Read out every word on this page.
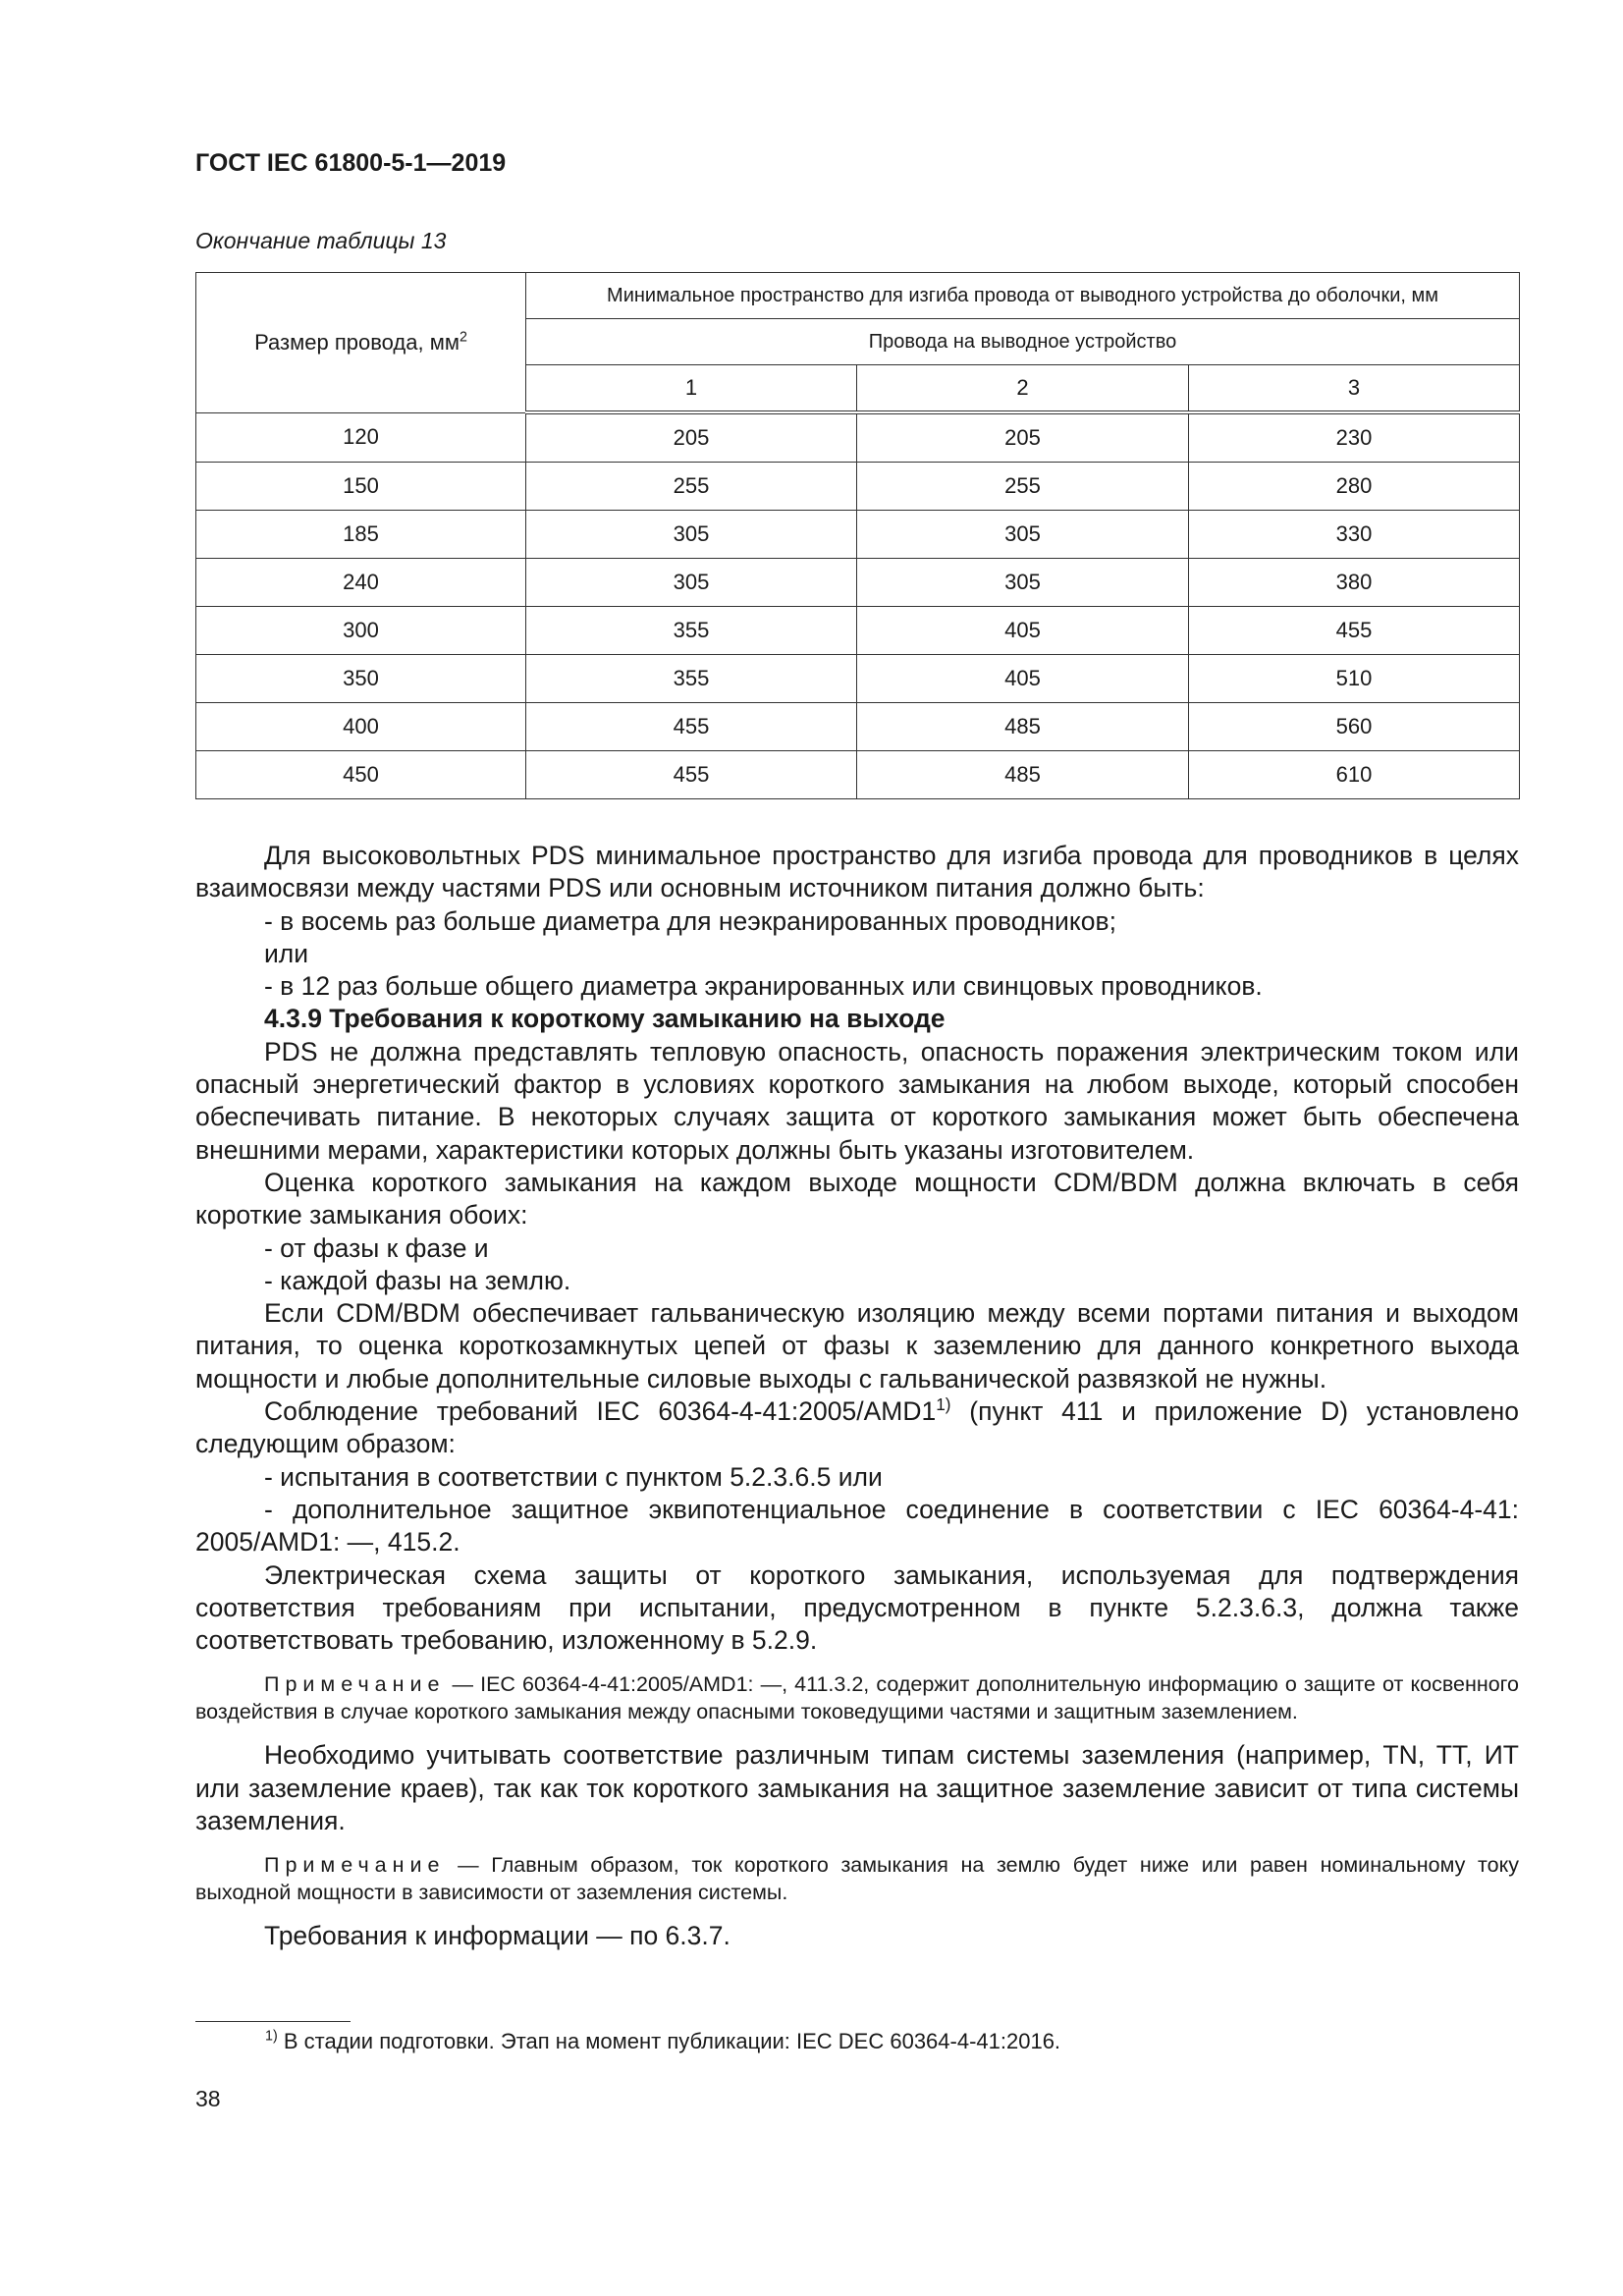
ГОСТ IEC 61800-5-1—2019
Окончание таблицы 13
Размер провода, $мм^2$	Минимальное пространство для изгиба провода от выводного устройства до оболочки, мм		
	Провода на выводное устройство		
	1	2	3
120	205	205	230
150	255	255	280
185	305	305	330
240	305	305	380
300	355	405	455
350	355	405	510
400	455	485	560
450	455	485	610

Для высоковольтных PDS минимальное пространство для изгиба провода для проводников в целях взаимосвязи между частями PDS или основным источником питания должно быть:

- в восемь раз больше диаметра для неэкранированных проводников;

или

- в 12 раз больше общего диаметра экранированных или свинцовых проводников.

4.3.9 Требования к короткому замыканию на выходе

PDS не должна представлять тепловую опасность, опасность поражения электрическим током или опасный энергетический фактор в условиях короткого замыкания на любом выходе, который способен обеспечивать питание. В некоторых случаях защита от короткого замыкания может быть обеспечена внешними мерами, характеристики которых должны быть указаны изготовителем.

Оценка короткого замыкания на каждом выходе мощности CDM/BDM должна включать в себя короткие замыкания обоих:

- от фазы к фазе и

- каждой фазы на землю.

Если CDM/BDM обеспечивает гальваническую изоляцию между всеми портами питания и выходом питания, то оценка короткозамкнутых цепей от фазы к заземлению для данного конкретного выхода мощности и любые дополнительные силовые выходы с гальванической развязкой не нужны.

Соблюдение требований IEC 60364-4-41:2005/AMD1$^{1)}$ (пункт 411 и приложение D) установлено следующим образом:

- испытания в соответствии с пунктом 5.2.3.6.5 или

- дополнительное защитное эквипотенциальное соединение в соответствии с IEC 60364-4-41: 2005/AMD1: —, 415.2.

Электрическая схема защиты от короткого замыкания, используемая для подтверждения соответствия требованиям при испытании, предусмотренном в пункте 5.2.3.6.3, должна также соответствовать требованию, изложенному в 5.2.9.

Примечание — IEC 60364-4-41:2005/AMD1: —, 411.3.2, содержит дополнительную информацию о защите от косвенного воздействия в случае короткого замыкания между опасными токоведущими частями и защитным заземлением.

Необходимо учитывать соответствие различным типам системы заземления (например, TN, TT, ИТ или заземление краев), так как ток короткого замыкания на защитное заземление зависит от типа системы заземления.

Примечание — Главным образом, ток короткого замыкания на землю будет ниже или равен номинальному току выходной мощности в зависимости от заземления системы.

Требования к информации — по 6.3.7.

$^{1)}$ В стадии подготовки. Этап на момент публикации: IEC DEC 60364-4-41:2016.
38
